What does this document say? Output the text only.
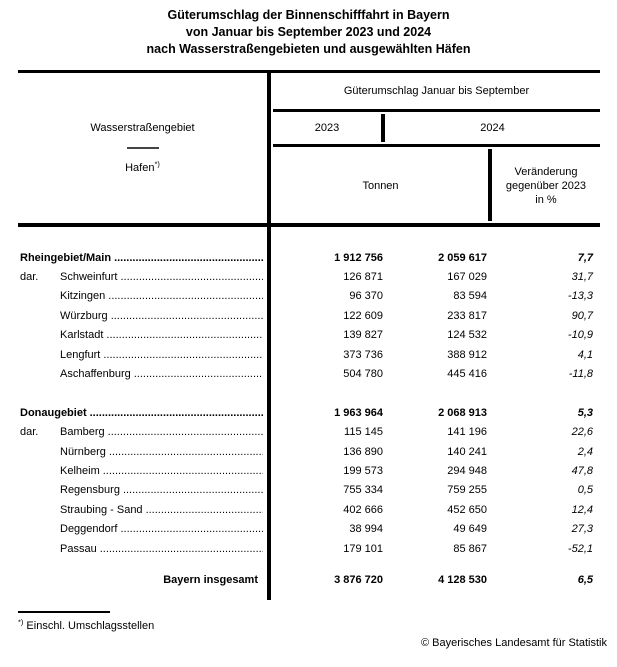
Güterumschlag der Binnenschifffahrt in Bayern
von Januar bis September 2023 und 2024
nach Wasserstraßengebieten und ausgewählten Häfen
Wasserstraßengebiet
Hafen*)
Güterumschlag Januar bis September
2023	2024
Tonnen
Veränderung
gegenüber 2023
in %
Rheingebiet/Main .....	1 912 756	2 059 617	7,7
dar.	Schweinfurt .....	126 871	167 029	31,7
Kitzingen .....	96 370	83 594	-13,3
Würzburg .....	122 609	233 817	90,7
Karlstadt .....	139 827	124 532	-10,9
Lengfurt .....	373 736	388 912	4,1
Aschaffenburg .....	504 780	445 416	-11,8
Donaugebiet .....	1 963 964	2 068 913	5,3
dar.	Bamberg .....	115 145	141 196	22,6
Nürnberg .....	136 890	140 241	2,4
Kelheim .....	199 573	294 948	47,8
Regensburg .....	755 334	759 255	0,5
Straubing - Sand .....	402 666	452 650	12,4
Deggendorf .....	38 994	49 649	27,3
Passau .....	179 101	85 867	-52,1
Bayern insgesamt	3 876 720	4 128 530	6,5
*) Einschl. Umschlagsstellen
© Bayerisches Landesamt für Statistik
